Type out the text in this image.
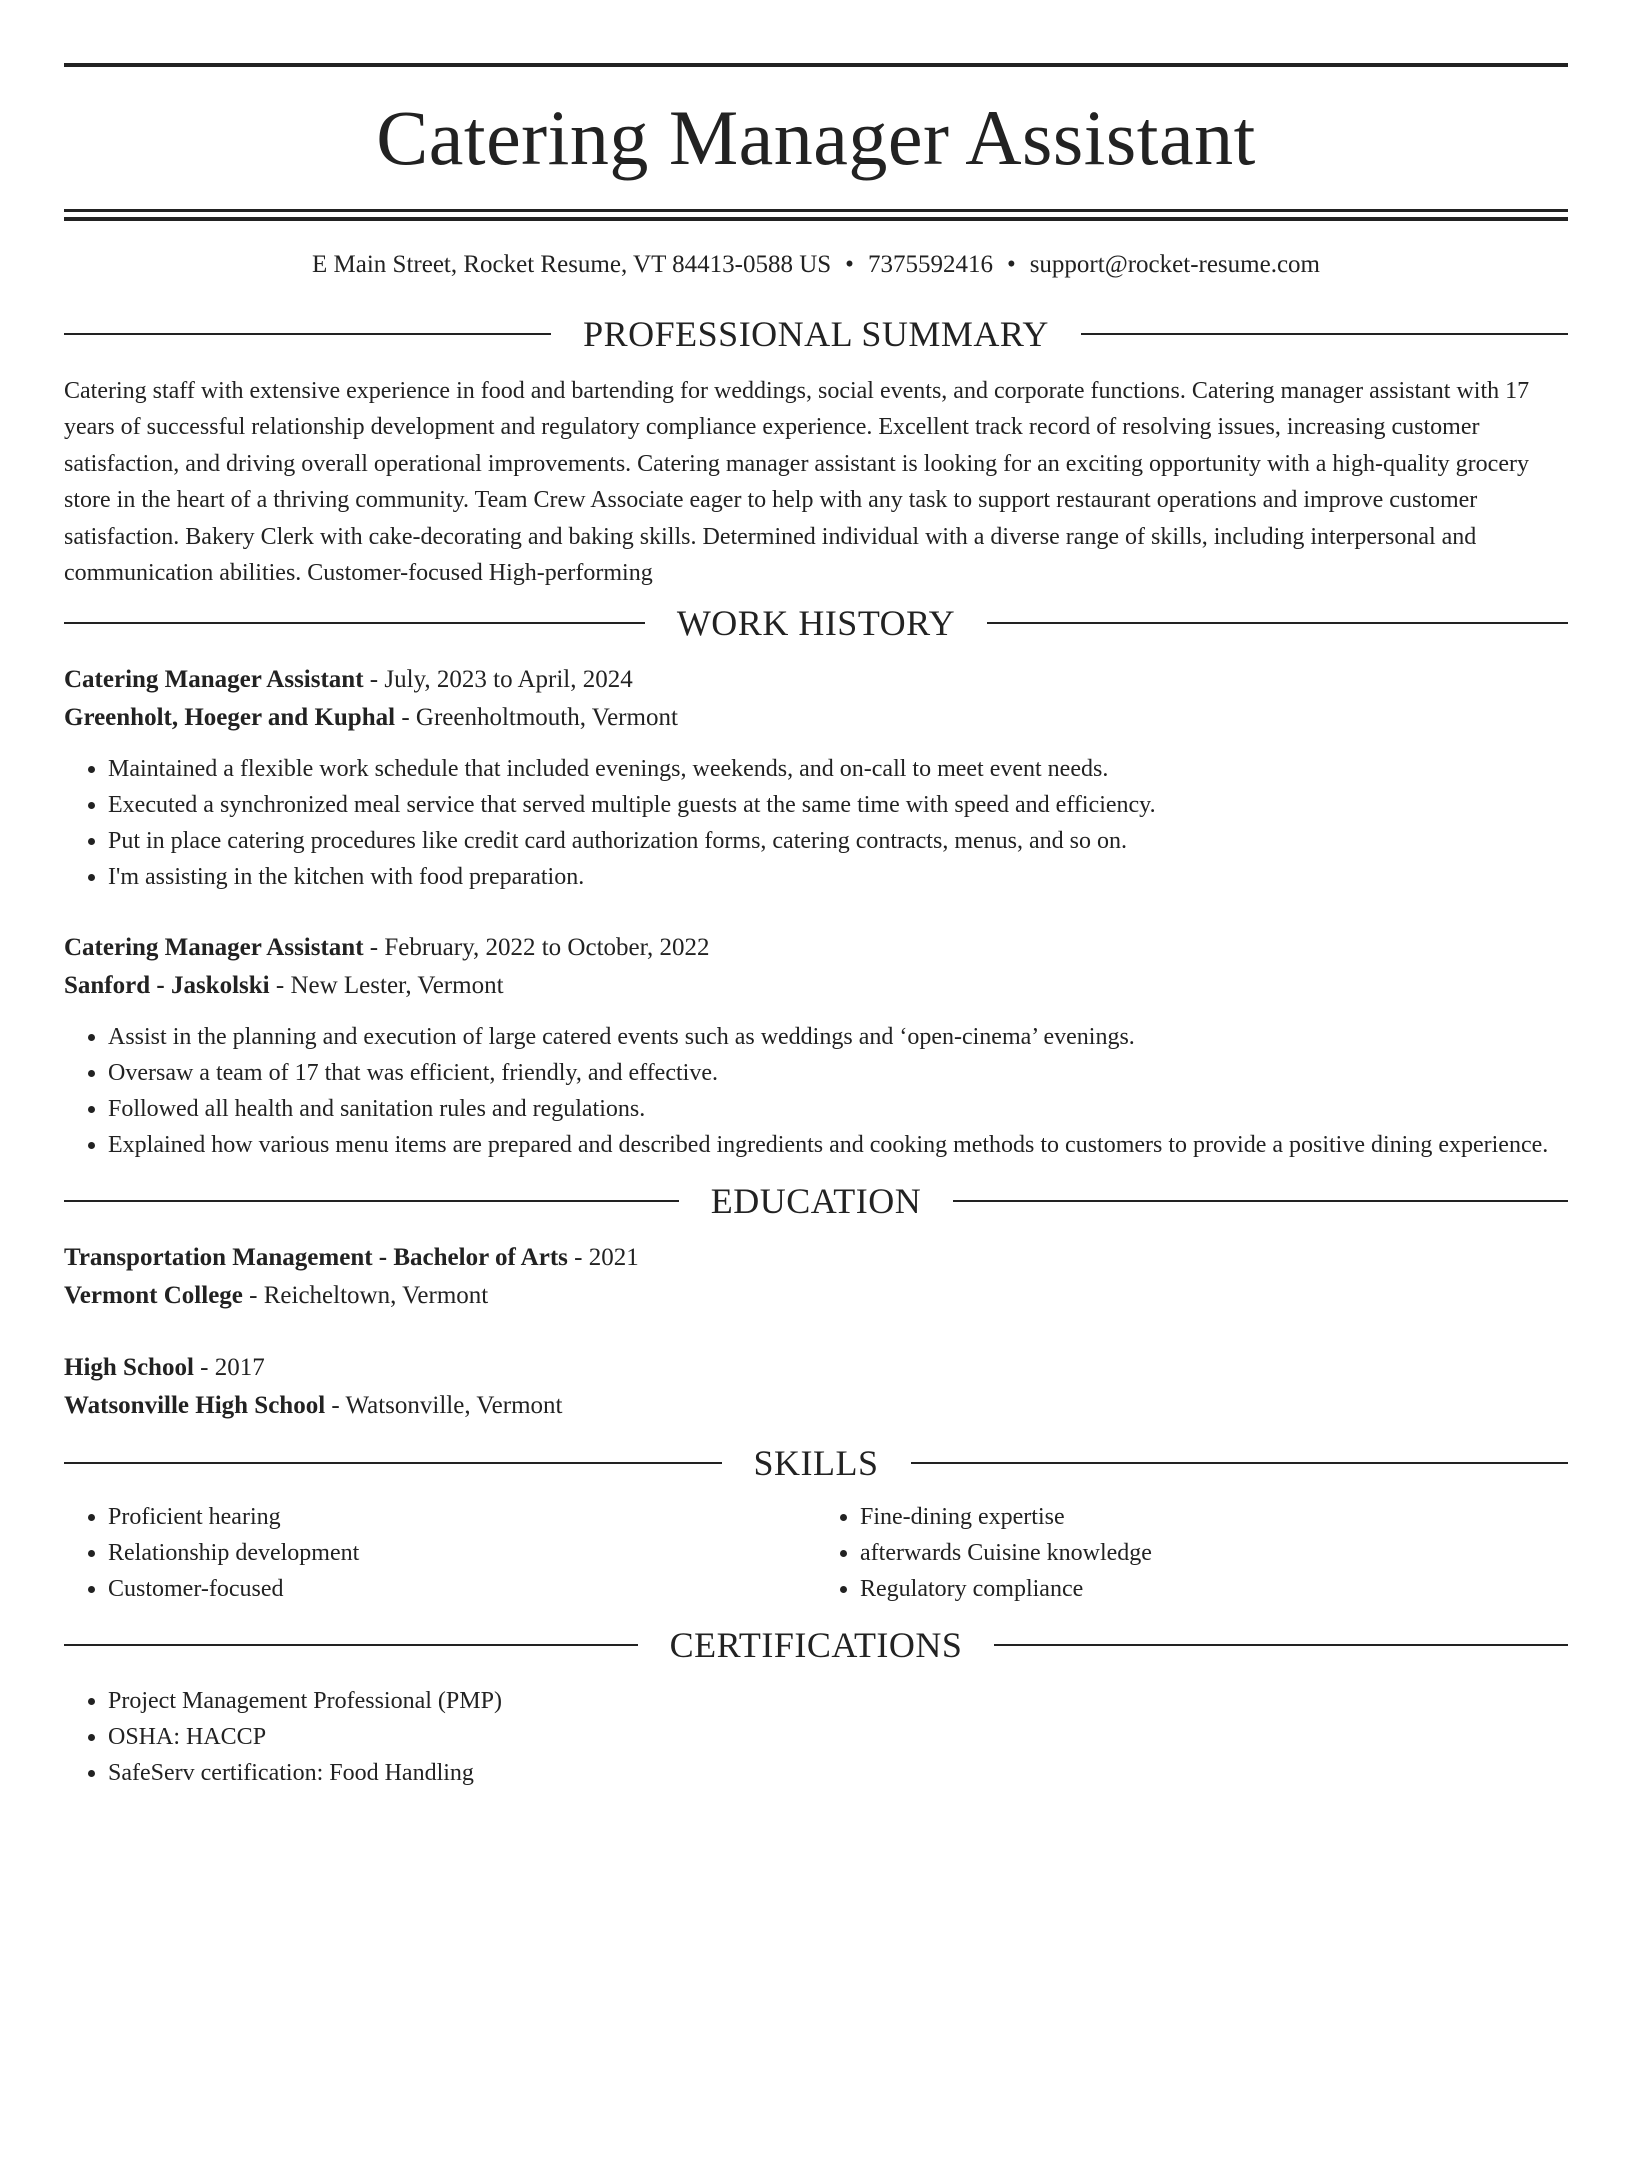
Catering Manager Assistant
E Main Street, Rocket Resume, VT 84413-0588 US • 7375592416 • support@rocket-resume.com
PROFESSIONAL SUMMARY

Catering staff with extensive experience in food and bartending for weddings, social events, and corporate functions. Catering manager assistant with 17 years of successful relationship development and regulatory compliance experience. Excellent track record of resolving issues, increasing customer satisfaction, and driving overall operational improvements. Catering manager assistant is looking for an exciting opportunity with a high-quality grocery store in the heart of a thriving community. Team Crew Associate eager to help with any task to support restaurant operations and improve customer satisfaction. Bakery Clerk with cake-decorating and baking skills. Determined individual with a diverse range of skills, including interpersonal and communication abilities. Customer-focused High-performing

WORK HISTORY

Catering Manager Assistant - July, 2023 to April, 2024

Greenholt, Hoeger and Kuphal - Greenholtmouth, Vermont

• Maintained a flexible work schedule that included evenings, weekends, and on-call to meet event needs.
• Executed a synchronized meal service that served multiple guests at the same time with speed and efficiency.
• Put in place catering procedures like credit card authorization forms, catering contracts, menus, and so on.
• I'm assisting in the kitchen with food preparation.

Catering Manager Assistant - February, 2022 to October, 2022

Sanford - Jaskolski - New Lester, Vermont

• Assist in the planning and execution of large catered events such as weddings and ‘open-cinema’ evenings.
• Oversaw a team of 17 that was efficient, friendly, and effective.
• Followed all health and sanitation rules and regulations.
• Explained how various menu items are prepared and described ingredients and cooking methods to customers to provide a positive dining experience.
EDUCATION

Transportation Management - Bachelor of Arts - 2021

Vermont College - Reicheltown, Vermont

High School - 2017

Watsonville High School - Watsonville, Vermont

SKILLS
• Proficient hearing
• Relationship development
• Customer-focused
• Fine-dining expertise
• afterwards Cuisine knowledge
• Regulatory compliance
CERTIFICATIONS
• Project Management Professional (PMP)
• OSHA: HACCP
• SafeServ certification: Food Handling
